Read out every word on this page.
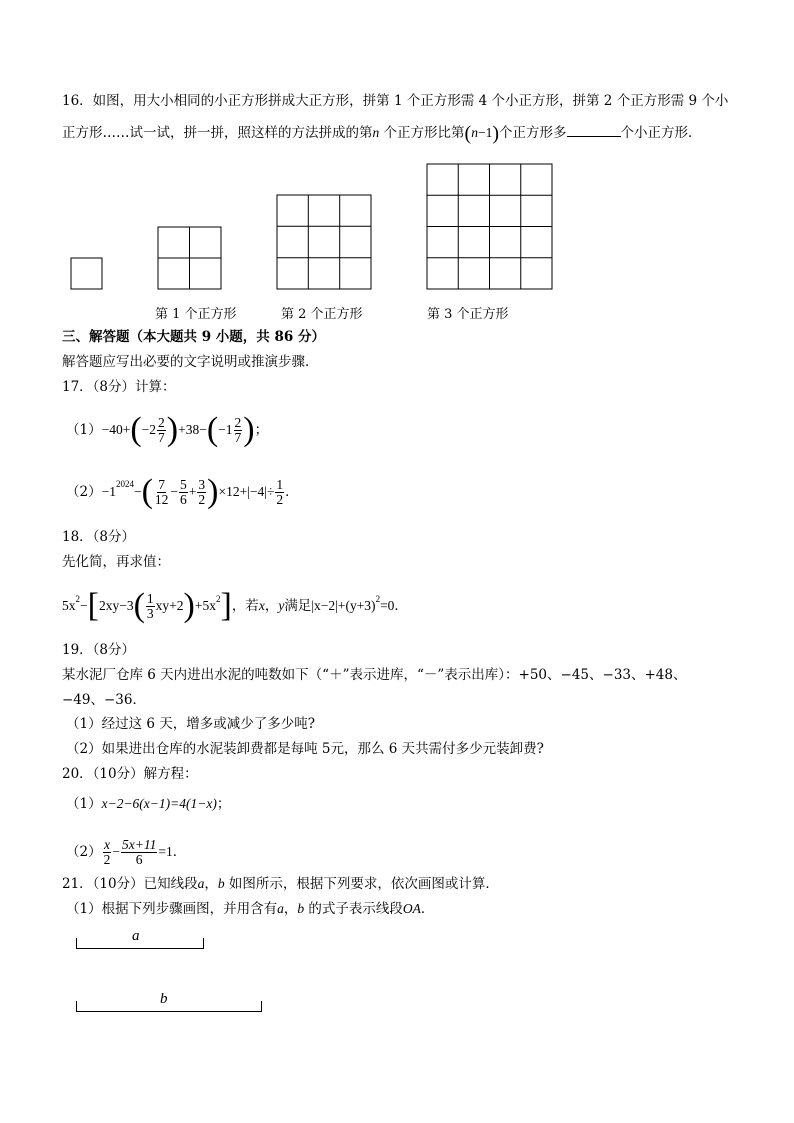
16．如图，用大小相同的小正方形拼成大正方形，拼第 1 个正方形需 4 个小正方形，拼第 2 个正方形需 9 个小
正方形……试一试，拼一拼，照这样的方法拼成的第n 个正方形比第(n−1)个正方形多	个小正方形．
第 1 个正方形	第 2 个正方形	第 3 个正方形
三、解答题（本大题共 9 小题，共 86 分）
解答题应写出必要的文字说明或推演步骤．
17．（8分）计算：
（1） −40+ ( $-2 \frac{2}{7}$ ) +38− ( $-1 \frac{2}{7}$ ) ；
$(2) -1^{2024}$ − ( $\frac{7}{12} - \frac{5}{6} + \frac{3}{2}$ ) $\times 12+|-4|\div \frac{1}{2}$ ．
18．（8分）
先化简，再求值：
$5x^2$ − [ 2xy−3 ( $\frac{1}{3} xy+2$ ) $+5x^2$ ] ，若 x ， y 满足 $|x-2|+(y+3)^2 =0$．
19．（8分）
某水泥厂仓库 6 天内进出水泥的吨数如下（“＋”表示进库，“－”表示出库）：+50、−45、−33、+48、
−49、−36．
（1）经过这 6 天，增多或减少了多少吨?
（2）如果进出仓库的水泥装卸费都是每吨 5元，那么 6 天共需付多少元装卸费?
20．（10分）解方程：
（1）x−2−6(x−1)=4(1−x)；
$(2) \frac{x}{2} - \frac{5x+11}{6} =1$．
21．（10分）已知线段a，b 如图所示，根据下列要求，依次画图或计算．
（1）根据下列步骤画图，并用含有a，b 的式子表示线段OA．
a
b
